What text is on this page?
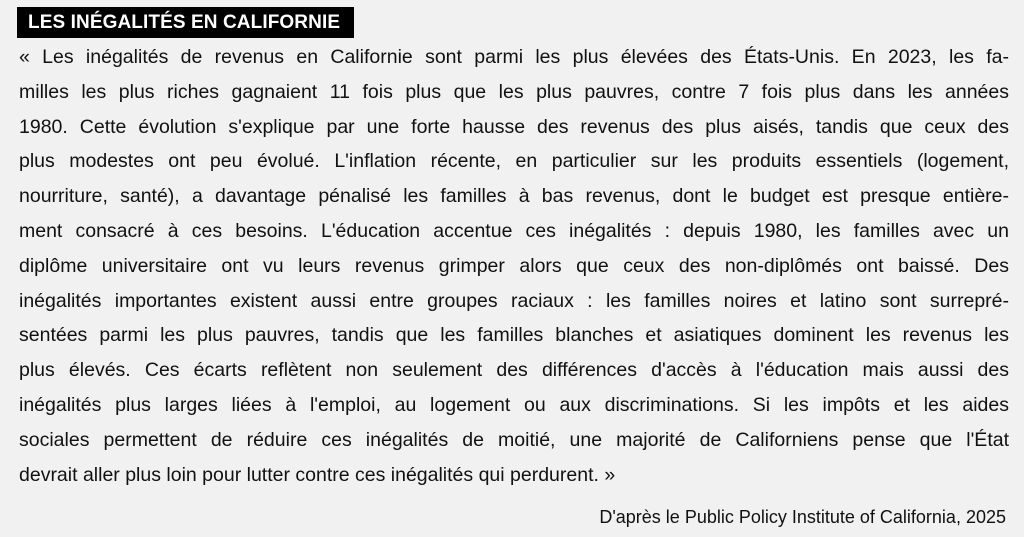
LES INÉGALITÉS EN CALIFORNIE

« Les inégalités de revenus en Californie sont parmi les plus élevées des États-Unis. En 2023, les fa-
milles les plus riches gagnaient 11 fois plus que les plus pauvres, contre 7 fois plus dans les années
1980. Cette évolution s'explique par une forte hausse des revenus des plus aisés, tandis que ceux des
plus modestes ont peu évolué. L'inflation récente, en particulier sur les produits essentiels (logement,
nourriture, santé), a davantage pénalisé les familles à bas revenus, dont le budget est presque entière-
ment consacré à ces besoins. L'éducation accentue ces inégalités : depuis 1980, les familles avec un
diplôme universitaire ont vu leurs revenus grimper alors que ceux des non-diplômés ont baissé. Des
inégalités importantes existent aussi entre groupes raciaux : les familles noires et latino sont surrepré-
sentées parmi les plus pauvres, tandis que les familles blanches et asiatiques dominent les revenus les
plus élevés. Ces écarts reflètent non seulement des différences d'accès à l'éducation mais aussi des
inégalités plus larges liées à l'emploi, au logement ou aux discriminations. Si les impôts et les aides
sociales permettent de réduire ces inégalités de moitié, une majorité de Californiens pense que l'État
devrait aller plus loin pour lutter contre ces inégalités qui perdurent. »

D'après le Public Policy Institute of California, 2025
